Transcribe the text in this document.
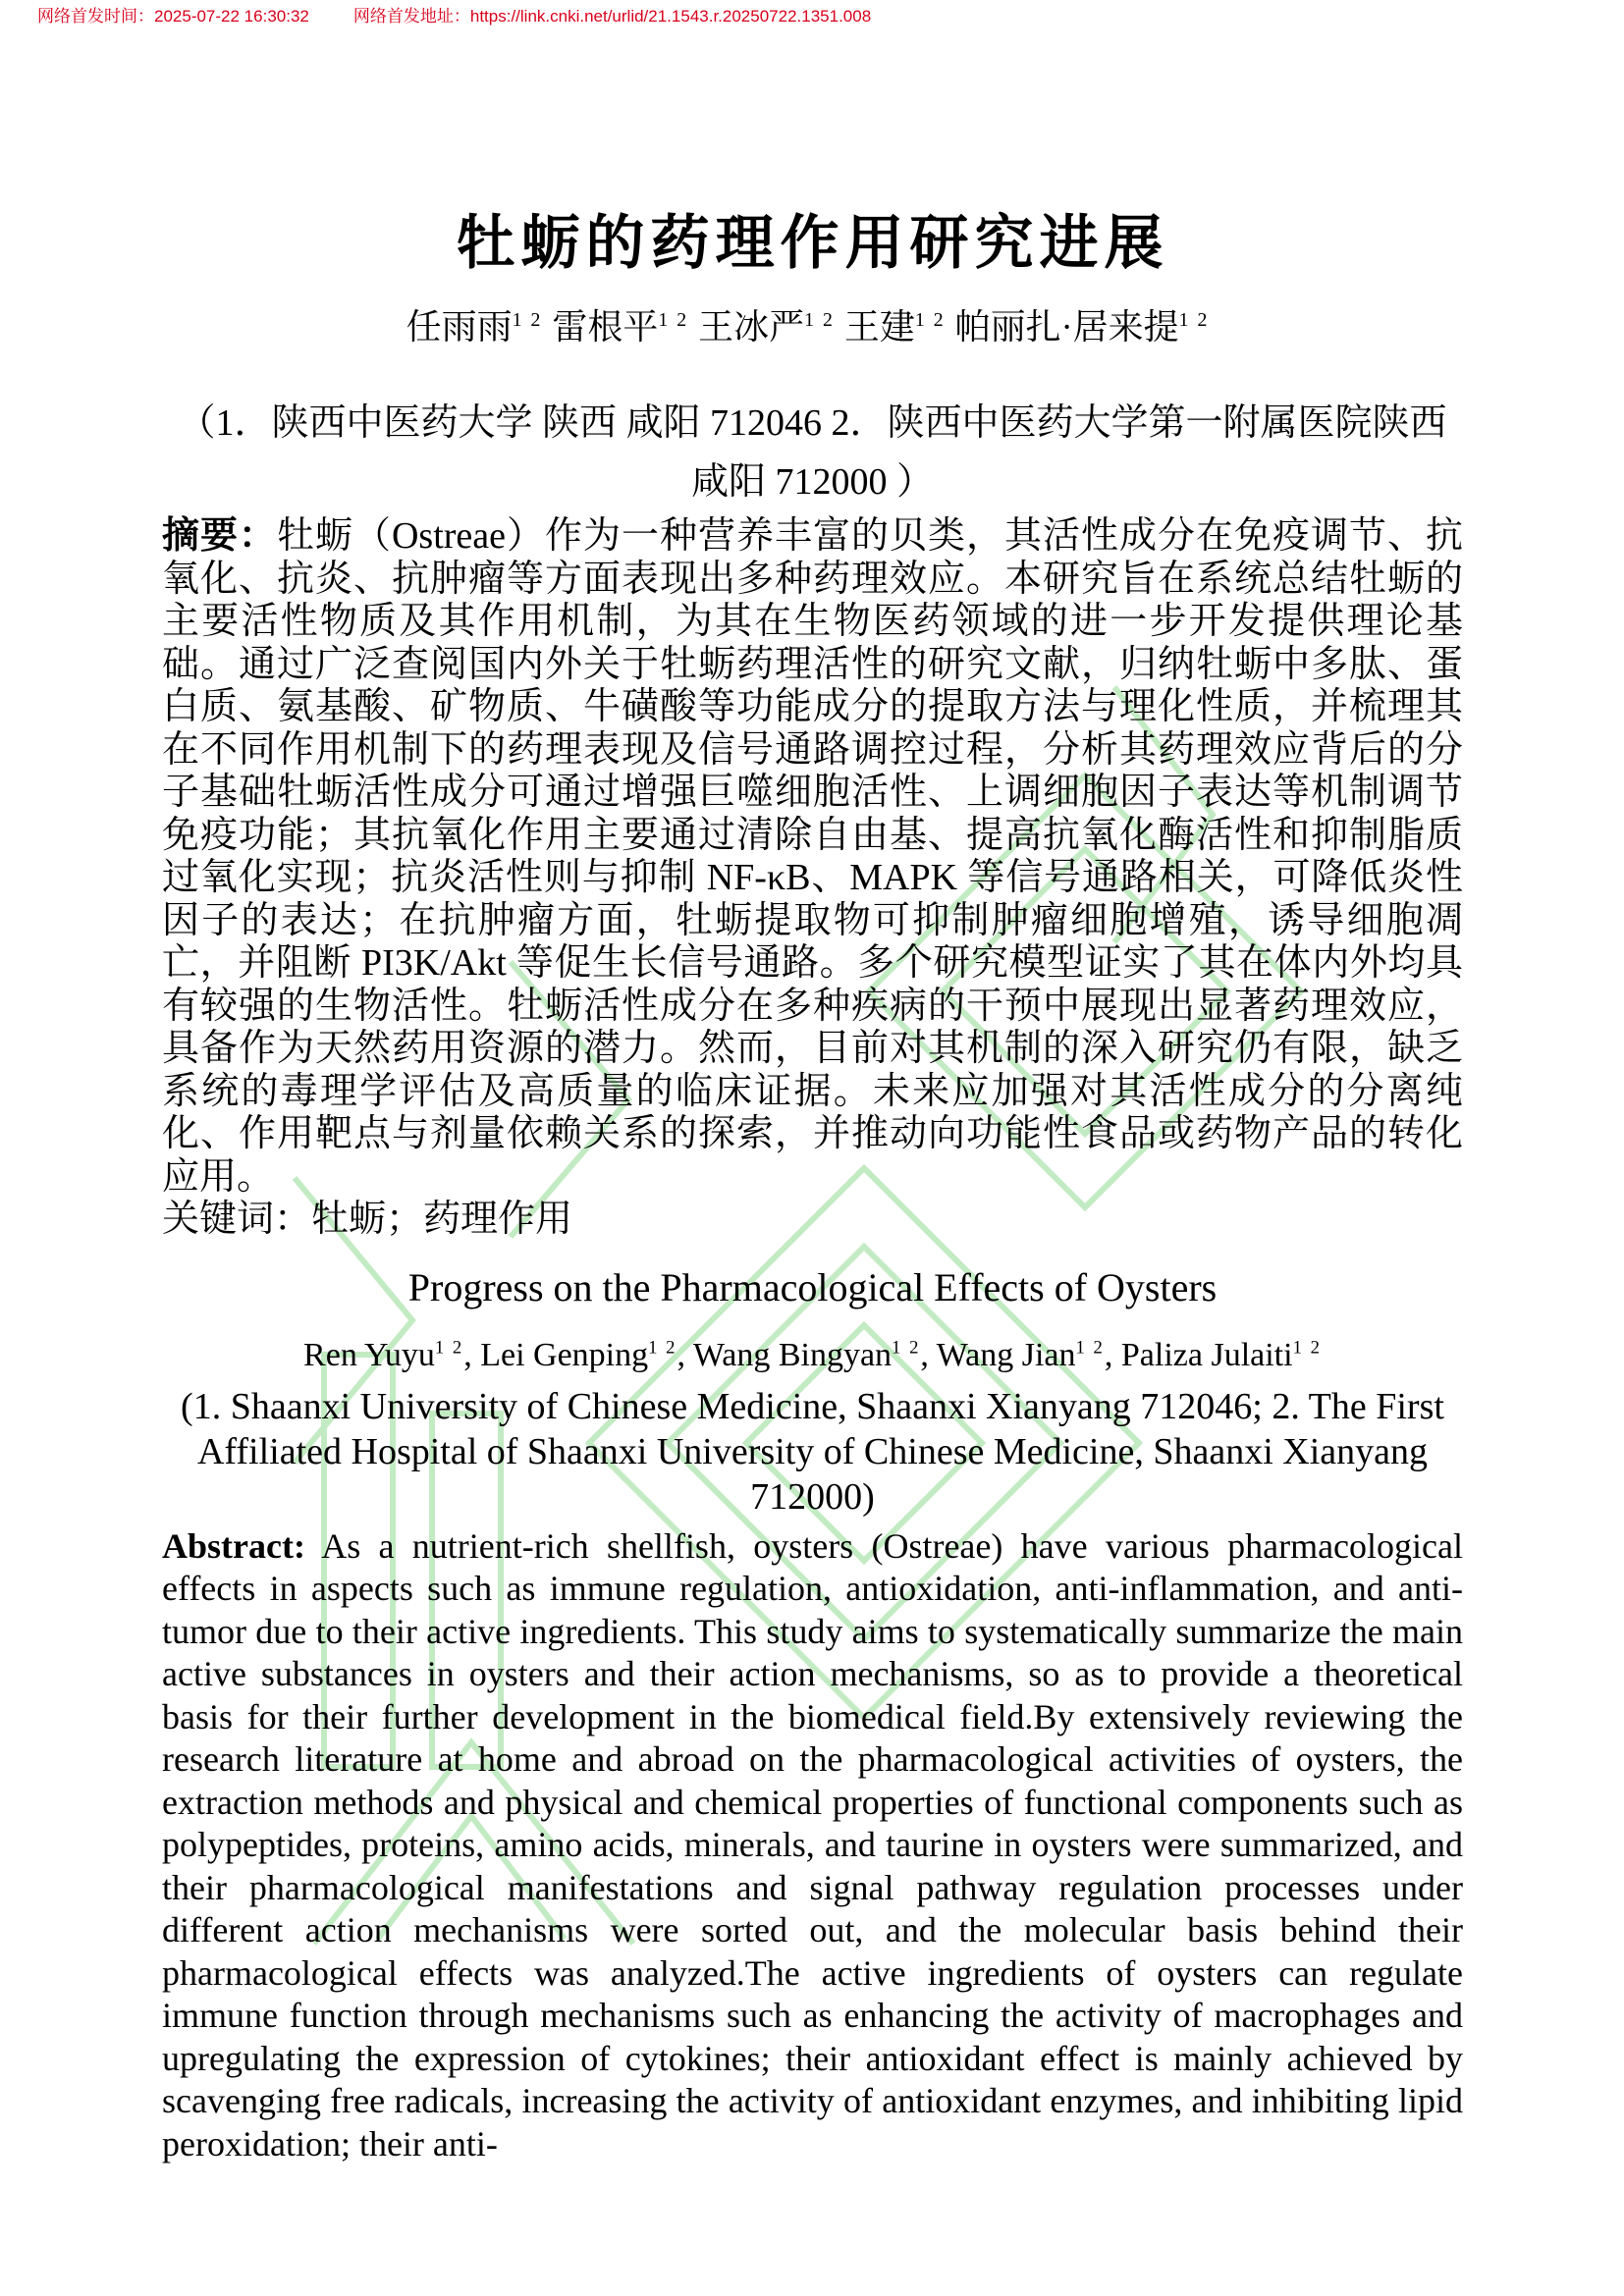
网络首发时间：2025-07-22 16:30:32	网络首发地址：https://link.cnki.net/urlid/21.1543.r.20250722.1351.008
牡蛎的药理作用研究进展
任雨雨$^{1 2}$ 雷根平$^{1 2}$ 王冰严$^{1 2}$ 王建$^{1 2}$ 帕丽扎·居来提$^{1 2}$
（1．陕西中医药大学 陕西 咸阳 712046 2．陕西中医药大学第一附属医院陕西
咸阳 712000 ）
摘要：牡蛎（Ostreae）作为一种营养丰富的贝类，其活性成分在免疫调节、抗氧化、抗炎、抗肿瘤等方面表现出多种药理效应。本研究旨在系统总结牡蛎的主要活性物质及其作用机制，为其在生物医药领域的进一步开发提供理论基础。通过广泛查阅国内外关于牡蛎药理活性的研究文献，归纳牡蛎中多肽、蛋白质、氨基酸、矿物质、牛磺酸等功能成分的提取方法与理化性质，并梳理其在不同作用机制下的药理表现及信号通路调控过程，分析其药理效应背后的分子基础牡蛎活性成分可通过增强巨噬细胞活性、上调细胞因子表达等机制调节免疫功能；其抗氧化作用主要通过清除自由基、提高抗氧化酶活性和抑制脂质过氧化实现；抗炎活性则与抑制 NF-κB、MAPK 等信号通路相关，可降低炎性因子的表达；在抗肿瘤方面，牡蛎提取物可抑制肿瘤细胞增殖，诱导细胞凋亡，并阻断 PI3K/Akt 等促生长信号通路。多个研究模型证实了其在体内外均具有较强的生物活性。牡蛎活性成分在多种疾病的干预中展现出显著药理效应，具备作为天然药用资源的潜力。然而，目前对其机制的深入研究仍有限，缺乏系统的毒理学评估及高质量的临床证据。未来应加强对其活性成分的分离纯化、作用靶点与剂量依赖关系的探索，并推动向功能性食品或药物产品的转化应用。
关键词：牡蛎；药理作用
Progress on the Pharmacological Effects of Oysters
Ren Yuyu$^{1 2}$, Lei Genping$^{1 2}$, Wang Bingyan$^{1 2}$, Wang Jian$^{1 2}$, Paliza Julaiti$^{1 2}$
(1. Shaanxi University of Chinese Medicine, Shaanxi Xianyang 712046; 2. The First
Affiliated Hospital of Shaanxi University of Chinese Medicine, Shaanxi Xianyang
712000)
Abstract: As a nutrient-rich shellfish, oysters (Ostreae) have various pharmacological effects in aspects such as immune regulation, antioxidation, anti-inflammation, and anti-tumor due to their active ingredients. This study aims to systematically summarize the main active substances in oysters and their action mechanisms, so as to provide a theoretical basis for their further development in the biomedical field.By extensively reviewing the research literature at home and abroad on the pharmacological activities of oysters, the extraction methods and physical and chemical properties of functional components such as polypeptides, proteins, amino acids, minerals, and taurine in oysters were summarized, and their pharmacological manifestations and signal pathway regulation processes under different action mechanisms were sorted out, and the molecular basis behind their pharmacological effects was analyzed.The active ingredients of oysters can regulate immune function through mechanisms such as enhancing the activity of macrophages and upregulating the expression of cytokines; their antioxidant effect is mainly achieved by scavenging free radicals, increasing the activity of antioxidant enzymes, and inhibiting lipid peroxidation; their anti-
